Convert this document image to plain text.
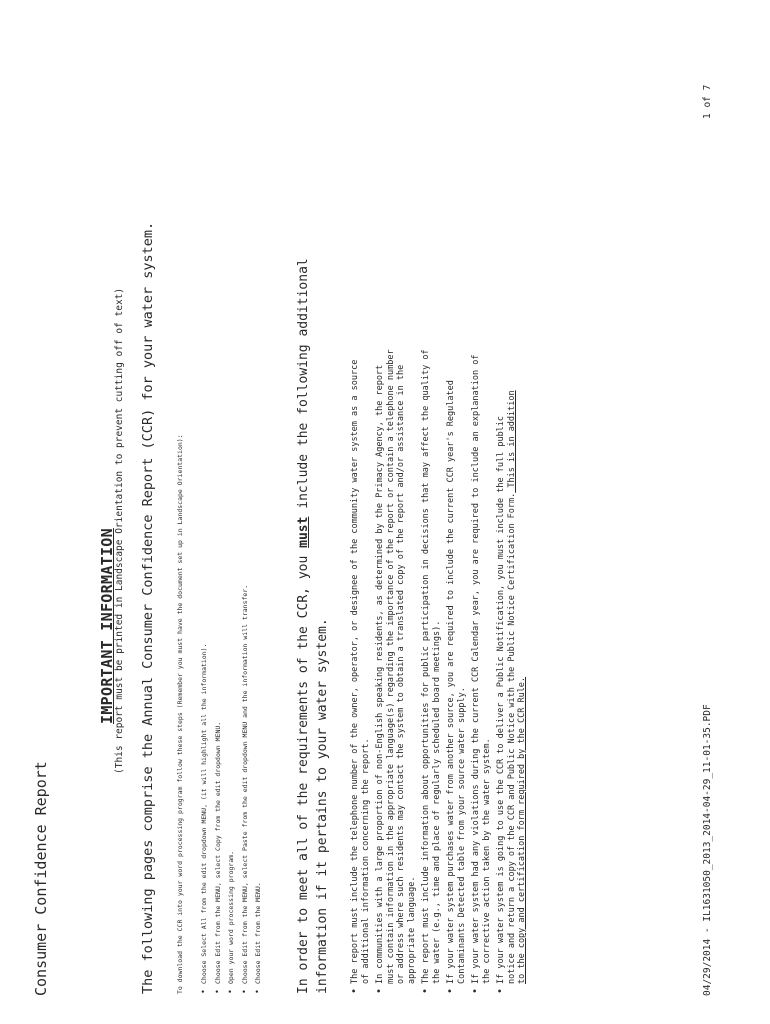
Consumer Confidence Report

IMPORTANT INFORMATION

(This report must be printed in Landscape Orientation to prevent cutting off of text) The following pages comprise the Annual Consumer Confidence Report (CCR) for your water system.	To download the CCR into your word processing program follow these steps (Remember you must have the document set up in Landscape Orientation): • Choose Select All from the edit dropdown MENU, (it will highlight all the information). • Choose Edit from the MENU, select Copy from the edit dropdown MENU. • Open your word processing program. • Choose Edit from the MENU, select Paste from the edit dropdown MENU and the information will transfer. • Choose Edit from the MENU.	In order to meet all of the requirements of the CCR, you must include the following additional
information if it pertains to your water system. • The report must include the telephone number of the owner, operator, or designee of the community water system as a source of additional information concerning the report. • In communities with a large proportion of non-English speaking residents, as determined by the Primacy Agency, the report must contain information in the appropriate language(s) regarding the importance of the report or contain a telephone number or address where such residents may contact the system to obtain a translated copy of the report and/or assistance in the appropriate language. • The report must include information about opportunities for public participation in decisions that may affect the quality of the water (e.g., time and place of regularly scheduled board meetings). • If your water system purchases water from another source, you are required to include the current CCR year's Regulated Contaminants Detected table from your source water supply. • If your water system had any violations during the current CCR Calendar year, you are required to include an explanation of the corrective action taken by the water system. • If your water system is going to use the CCR to deliver a Public Notification, you must include the full public notice and return a copy of the CCR and Public Notice with the Public Notice Certification Form. This is in addition
to the copy and certification form required by the CCR Rule.	04/29/2014 - IL1631050_2013_2014-04-29_11-01-35.PDF

1 of 7
